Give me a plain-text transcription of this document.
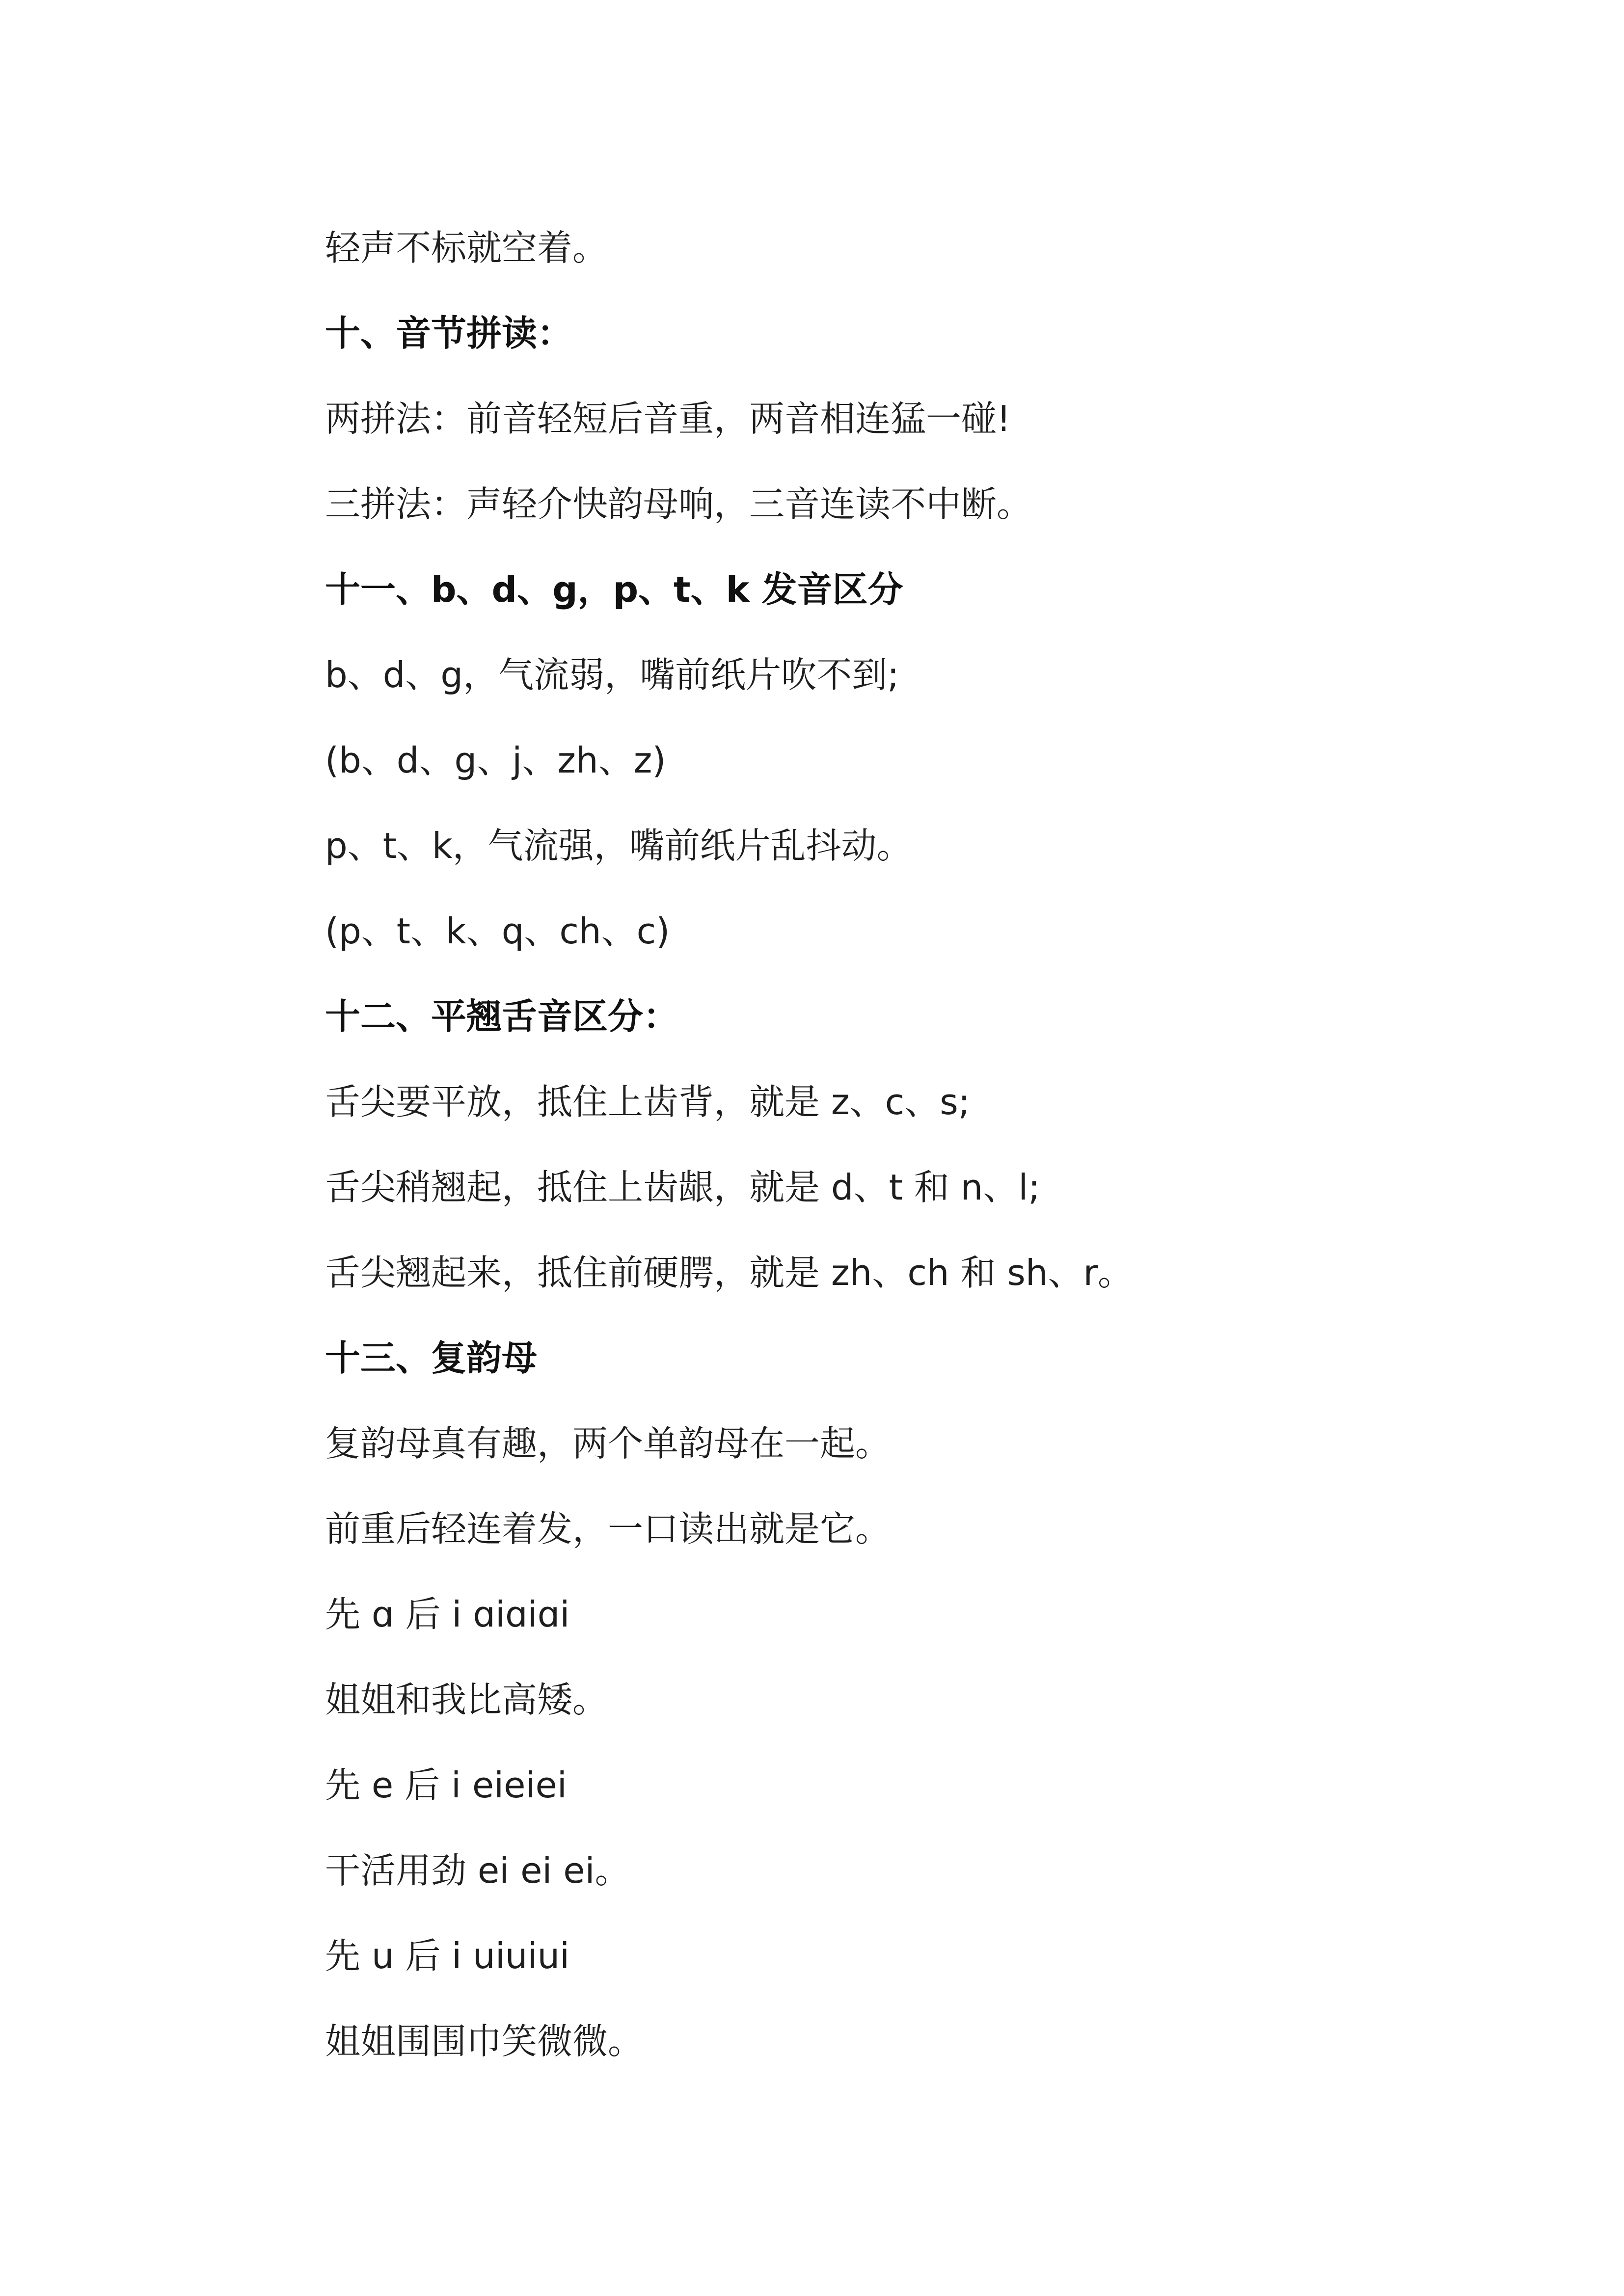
轻声不标就空着。
十、音节拼读：
两拼法：前音轻短后音重，两音相连猛一碰!
三拼法：声轻介快韵母响，三音连读不中断。
十一、b、d、g，p、t、k 发音区分
b、d、g，气流弱，嘴前纸片吹不到;
(b、d、g、j、zh、z)
p、t、k，气流强，嘴前纸片乱抖动。
(p、t、k、q、ch、c)
十二、平翘舌音区分：
舌尖要平放，抵住上齿背，就是 z、c、s;
舌尖稍翘起，抵住上齿龈，就是 d、t 和 n、l;
舌尖翘起来，抵住前硬腭，就是 zh、ch 和 sh、r。
十三、复韵母
复韵母真有趣，两个单韵母在一起。
前重后轻连着发，一口读出就是它。
先 ɑ 后 i ɑiɑiɑi
姐姐和我比高矮。
先 e 后 i eieiei
干活用劲 ei ei ei。
先 u 后 i uiuiui
姐姐围围巾笑微微。
